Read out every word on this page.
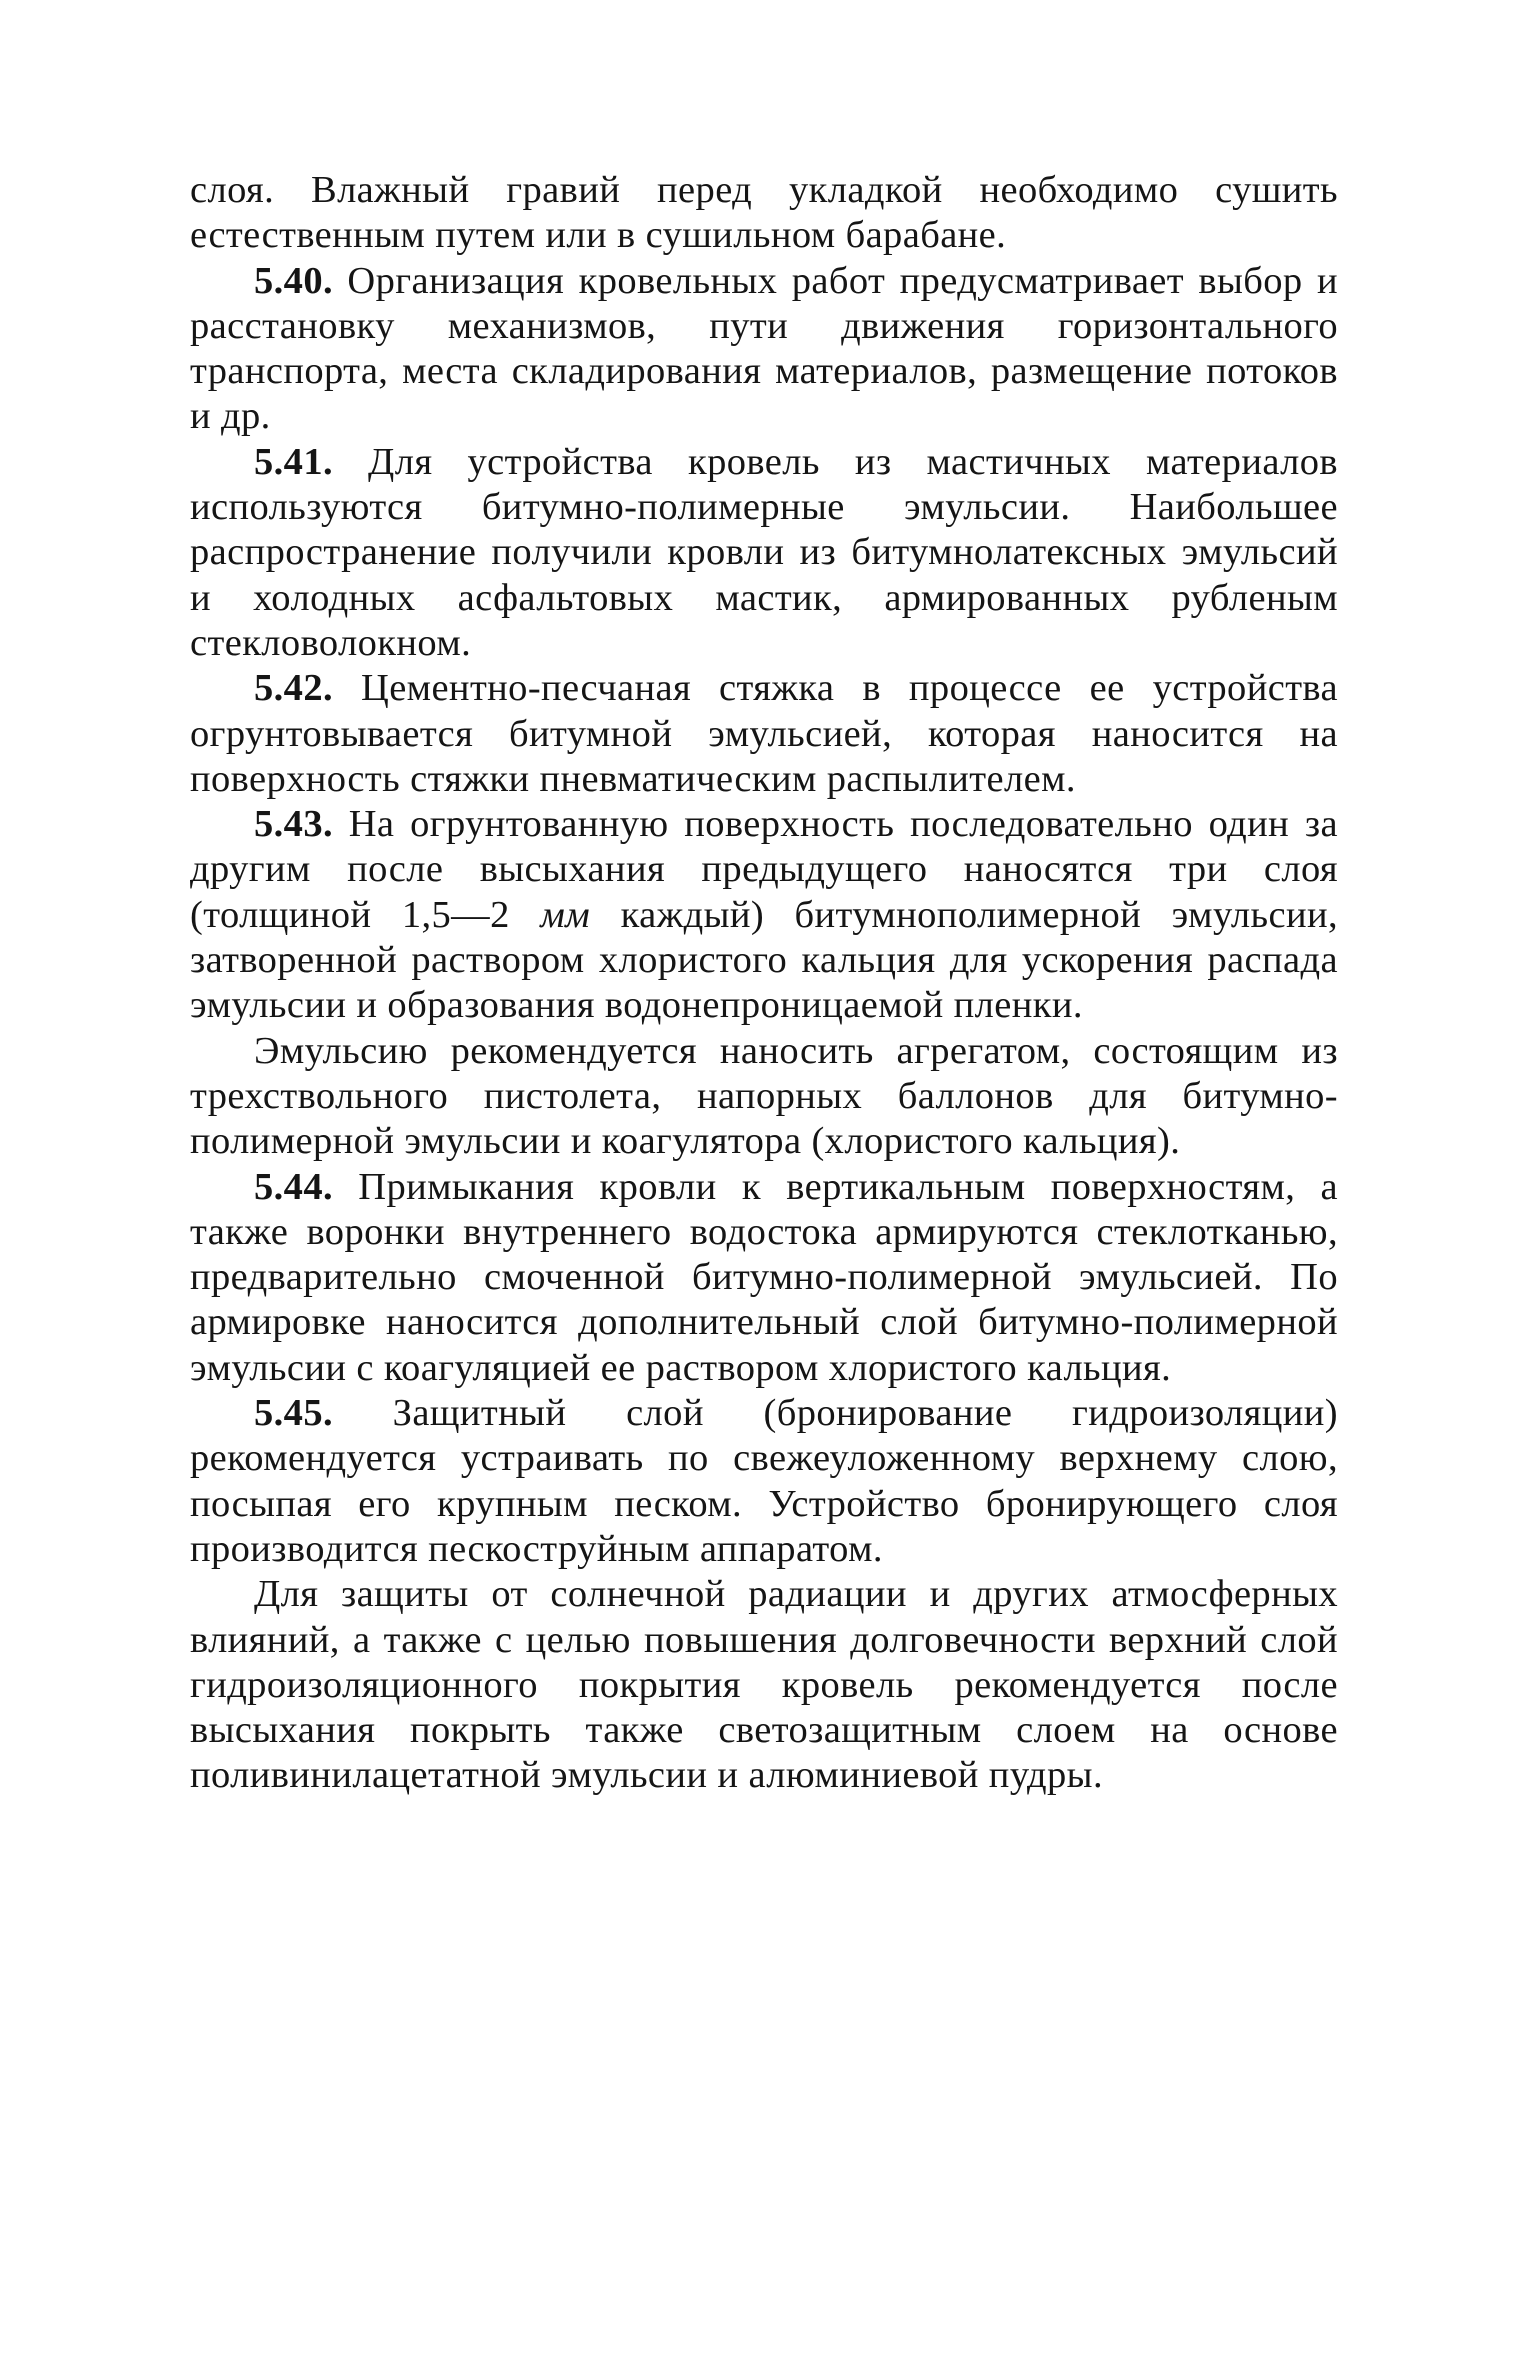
слоя. Влажный гравий перед укладкой необходимо сушить естественным путем или в сушильном барабане.

5.40. Организация кровельных работ предусматривает выбор и расстановку механизмов, пути движения горизонтального транспорта, места складирования материалов, размещение потоков и др.

5.41. Для устройства кровель из мастичных материалов используются битумно-полимерные эмульсии. Наибольшее распространение получили кровли из битумнолатексных эмульсий и холодных асфальтовых мастик, армированных рубленым стекловолокном.

5.42. Цементно-песчаная стяжка в процессе ее устройства огрунтовывается битумной эмульсией, которая наносится на поверхность стяжки пневматическим распылителем.

5.43. На огрунтованную поверхность последовательно один за другим после высыхания предыдущего наносятся три слоя (толщиной 1,5—2 мм каждый) битумнополимерной эмульсии, затворенной раствором хлористого кальция для ускорения распада эмульсии и образования водонепроницаемой пленки.

Эмульсию рекомендуется наносить агрегатом, состоящим из трехствольного пистолета, напорных баллонов для битумно-полимерной эмульсии и коагулятора (хлористого кальция).

5.44. Примыкания кровли к вертикальным поверхностям, а также воронки внутреннего водостока армируются стеклотканью, предварительно смоченной битумно-полимерной эмульсией. По армировке наносится дополнительный слой битумно-полимерной эмульсии с коагуляцией ее раствором хлористого кальция.

5.45. Защитный слой (бронирование гидроизоляции) рекомендуется устраивать по свежеуложенному верхнему слою, посыпая его крупным песком. Устройство бронирующего слоя производится пескоструйным аппаратом.

Для защиты от солнечной радиации и других атмосферных влияний, а также с целью повышения долговечности верхний слой гидроизоляционного покрытия кровель рекомендуется после высыхания покрыть также светозащитным слоем на основе поливинилацетатной эмульсии и алюминиевой пудры.
